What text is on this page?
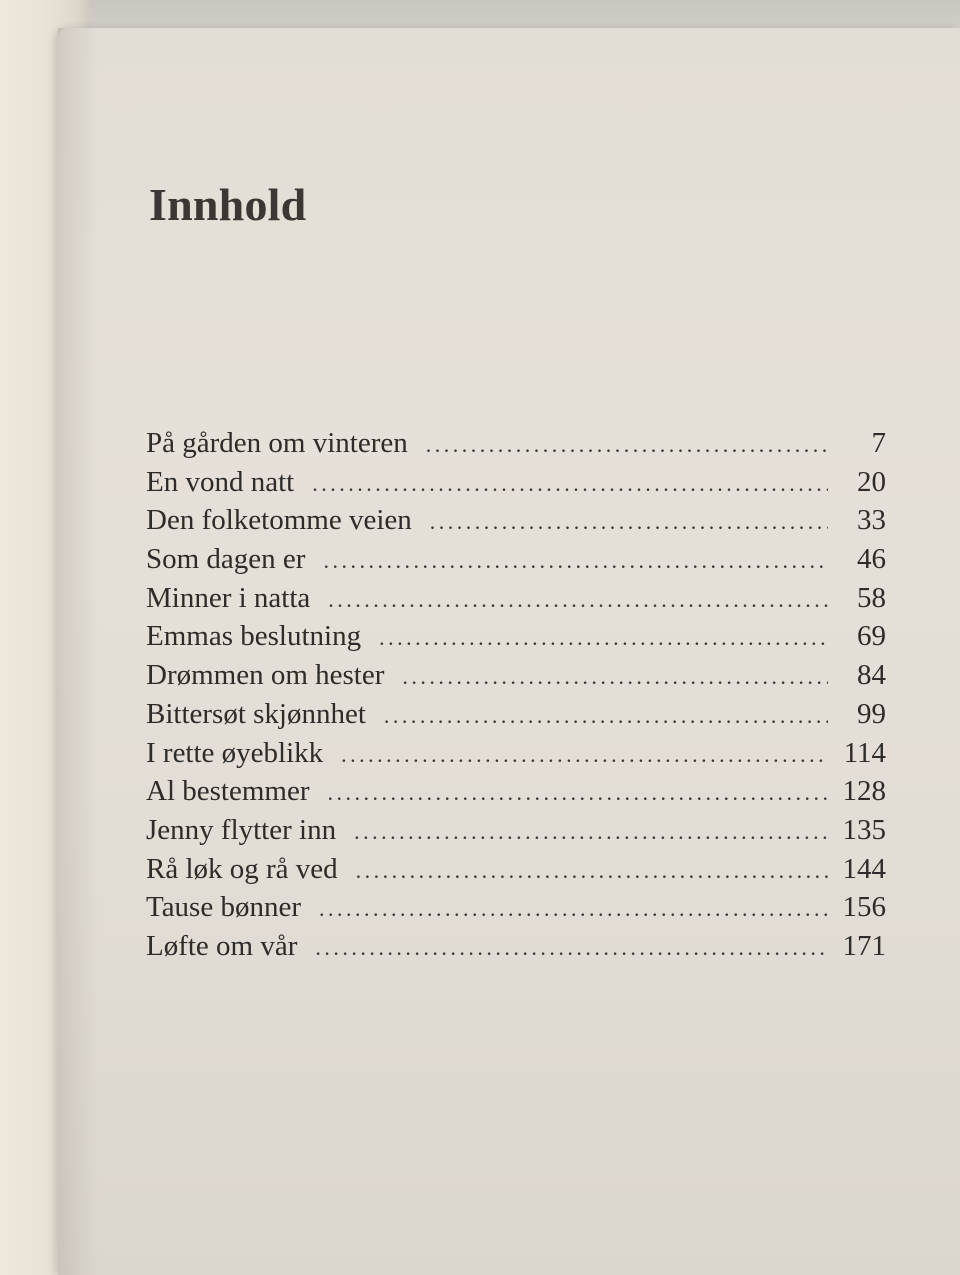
Innhold
På gården om vinteren .....	7
En vond natt .....	20
Den folketomme veien .....	33
Som dagen er .....	46
Minner i natta .....	58
Emmas beslutning .....	69
Drømmen om hester .....	84
Bittersøt skjønnhet .....	99
I rette øyeblikk .....	114
Al bestemmer .....	128
Jenny flytter inn .....	135
Rå løk og rå ved .....	144
Tause bønner .....	156
Løfte om vår .....	171
